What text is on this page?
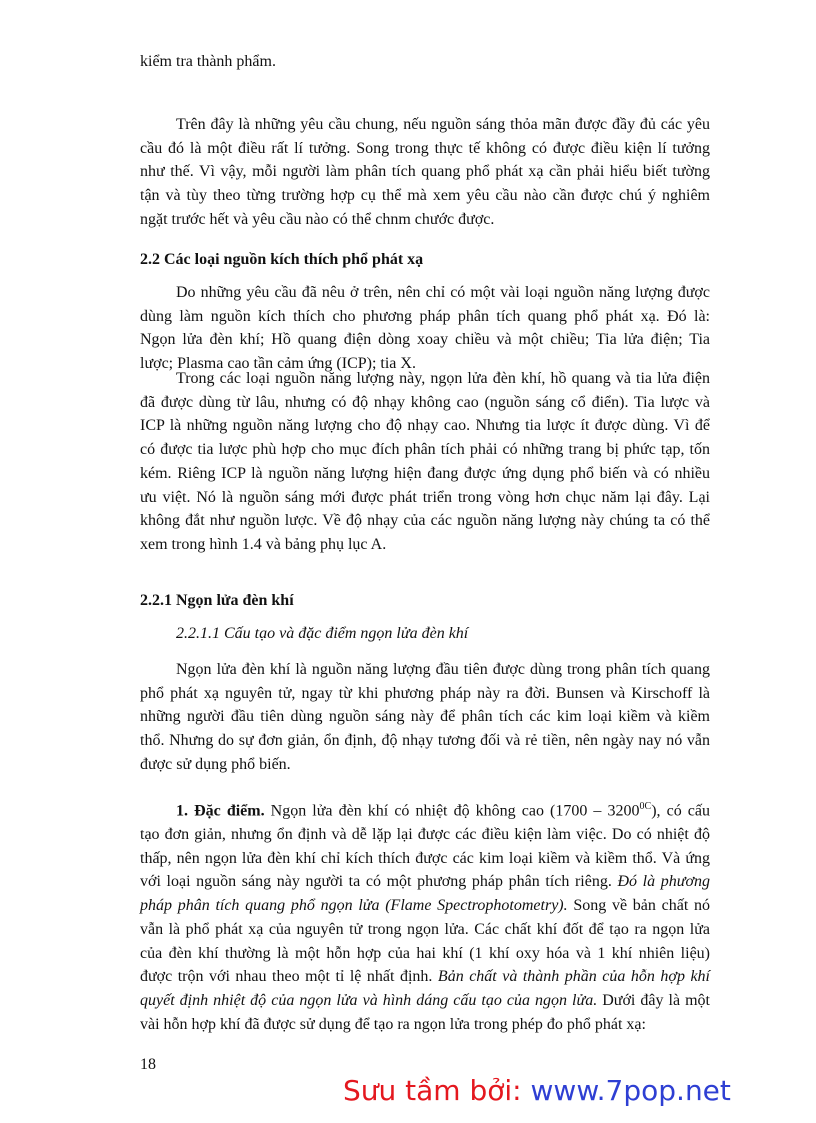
kiểm tra thành phẩm.
Trên đây là những yêu cầu chung, nếu nguồn sáng thỏa mãn được đầy đủ các yêu
cầu đó là một điều rất lí tưởng. Song trong thực tế không có được điều kiện lí tưởng
như thế. Vì vậy, mỗi người làm phân tích quang phổ phát xạ cần phải hiểu biết tường
tận và tùy theo từng trường hợp cụ thể mà xem yêu cầu nào cần được chú ý nghiêm
ngặt trước hết và yêu cầu nào có thể chnm chước được.
2.2 Các loại nguồn kích thích phổ phát xạ
Do những yêu cầu đã nêu ở trên, nên chỉ có một vài loại nguồn năng lượng được
dùng làm nguồn kích thích cho phương pháp phân tích quang phổ phát xạ. Đó là:
Ngọn lửa đèn khí; Hồ quang điện dòng xoay chiều và một chiều; Tia lửa điện; Tia
lược; Plasma cao tần cảm ứng (ICP); tia X.
Trong các loại nguồn năng lượng này, ngọn lửa đèn khí, hồ quang và tia lửa điện
đã được dùng từ lâu, nhưng có độ nhạy không cao (nguồn sáng cổ điển). Tia lược và
ICP là những nguồn năng lượng cho độ nhạy cao. Nhưng tia lược ít được dùng. Vì để
có được tia lược phù hợp cho mục đích phân tích phải có những trang bị phức tạp, tốn
kém. Riêng ICP là nguồn năng lượng hiện đang được ứng dụng phổ biến và có nhiều
ưu việt. Nó là nguồn sáng mới được phát triển trong vòng hơn chục năm lại đây. Lại
không đắt như nguồn lược. Về độ nhạy của các nguồn năng lượng này chúng ta có thể
xem trong hình 1.4 và bảng phụ lục A.
2.2.1 Ngọn lửa đèn khí
2.2.1.1 Cấu tạo và đặc điểm ngọn lửa đèn khí
Ngọn lửa đèn khí là nguồn năng lượng đầu tiên được dùng trong phân tích quang
phổ phát xạ nguyên tử, ngay từ khi phương pháp này ra đời. Bunsen và Kirschoff là
những người đầu tiên dùng nguồn sáng này để phân tích các kim loại kiềm và kiềm
thổ. Nhưng do sự đơn giản, ổn định, độ nhạy tương đối và rẻ tiền, nên ngày nay nó vẫn
được sử dụng phổ biến.
1. Đặc điểm. Ngọn lửa đèn khí có nhiệt độ không cao $(1700 - 3200^{0C})$, có cấu
tạo đơn giản, nhưng ổn định và dễ lặp lại được các điều kiện làm việc. Do có nhiệt độ
thấp, nên ngọn lửa đèn khí chỉ kích thích được các kim loại kiềm và kiềm thổ. Và ứng
với loại nguồn sáng này người ta có một phương pháp phân tích riêng. Đó là phương
pháp phân tích quang phổ ngọn lửa (Flame Spectrophotometry). Song về bản chất nó
vẫn là phổ phát xạ của nguyên tử trong ngọn lửa. Các chất khí đốt để tạo ra ngọn lửa
của đèn khí thường là một hỗn hợp của hai khí (1 khí oxy hóa và 1 khí nhiên liệu)
được trộn với nhau theo một tỉ lệ nhất định. Bản chất và thành phần của hỗn hợp khí
quyết định nhiệt độ của ngọn lửa và hình dáng cấu tạo của ngọn lửa. Dưới đây là một
vài hỗn hợp khí đã được sử dụng để tạo ra ngọn lửa trong phép đo phổ phát xạ:
18
Sưu tầm bởi: www.7pop.net
